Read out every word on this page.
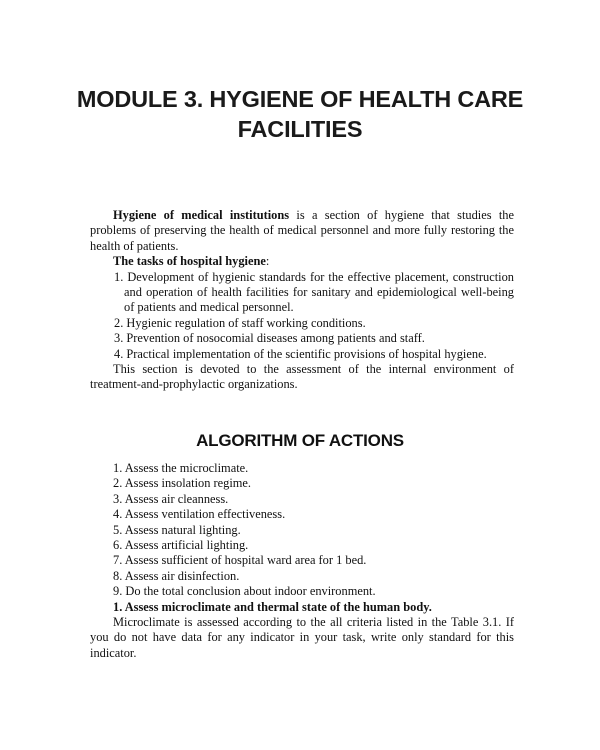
MODULE 3. HYGIENE OF HEALTH CARE
FACILITIES

Hygiene of medical institutions is a section of hygiene that studies the problems of preserving the health of medical personnel and more fully restoring the health of patients.

The tasks of hospital hygiene:

1. Development of hygienic standards for the effective placement, construction and operation of health facilities for sanitary and epidemiological well-being of patients and medical personnel.
2. Hygienic regulation of staff working conditions.
3. Prevention of nosocomial diseases among patients and staff.
4. Practical implementation of the scientific provisions of hospital hygiene.

This section is devoted to the assessment of the internal environment of treatment-and-prophylactic organizations.

ALGORITHM OF ACTIONS
1. Assess the microclimate.
2. Assess insolation regime.
3. Assess air cleanness.
4. Assess ventilation effectiveness.
5. Assess natural lighting.
6. Assess artificial lighting.
7. Assess sufficient of hospital ward area for 1 bed.
8. Assess air disinfection.
9. Do the total conclusion about indoor environment.

1. Assess microclimate and thermal state of the human body.

Microclimate is assessed according to the all criteria listed in the Table 3.1. If you do not have data for any indicator in your task, write only standard for this indicator.
